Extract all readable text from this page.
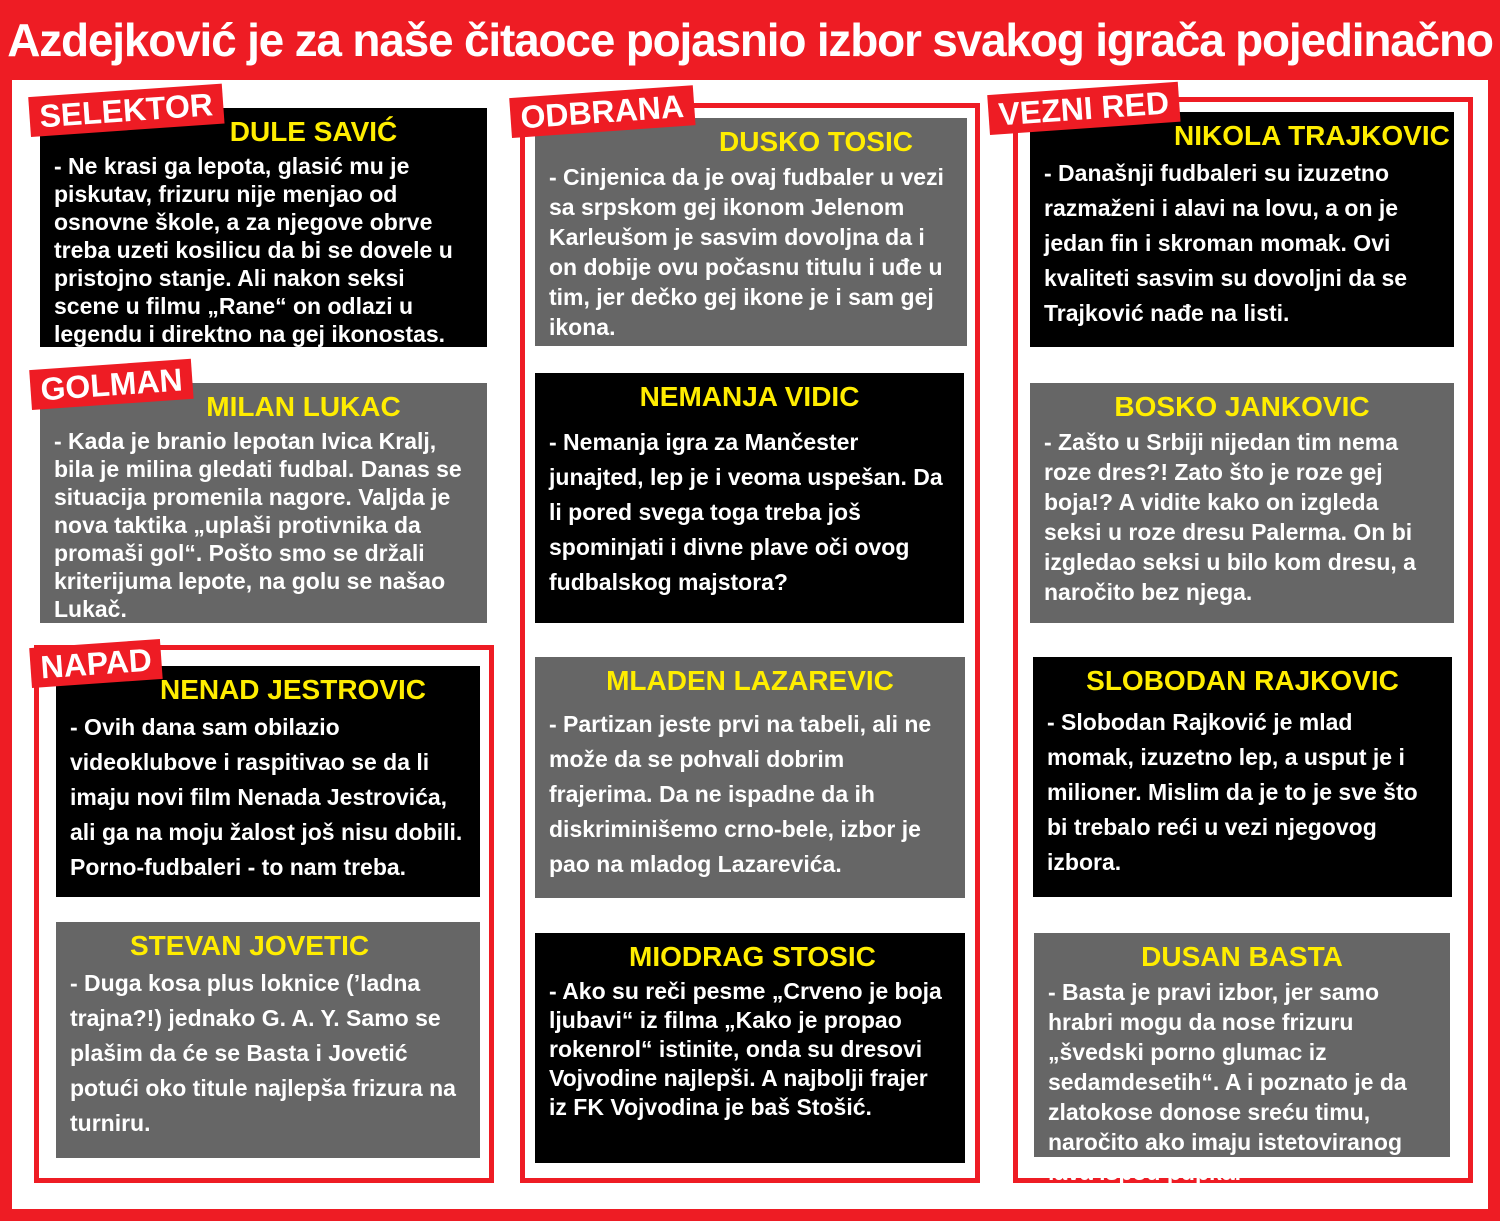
Azdejković je za naše čitaoce pojasnio izbor svakog igrača pojedinačno
DULE SAVIĆ
- Ne krasi ga lepota, glasić mu je piskutav, frizuru nije menjao od osnovne škole, a za njegove obrve treba uzeti kosilicu da bi se dovele u pristojno stanje. Ali nakon seksi scene u filmu „Rane“ on odlazi u legendu i direktno na gej ikonostas.
MILAN LUKAC
- Kada je branio lepotan Ivica Kralj, bila je milina gledati fudbal. Danas se situacija promenila nagore. Valjda je nova taktika „uplaši protivnika da promaši gol“. Pošto smo se držali kriterijuma lepote, na golu se našao Lukač.
NENAD JESTROVIC
- Ovih dana sam obilazio videoklubove i raspitivao se da li imaju novi film Nenada Jestrovića, ali ga na moju žalost još nisu dobili. Porno-fudbaleri - to nam treba.
STEVAN JOVETIC
- Duga kosa plus loknice (’ladna trajna?!) jednako G. A. Y. Samo se plašim da će se Basta i Jovetić potući oko titule najlepša frizura na turniru.
DUSKO TOSIC
- Cinjenica da je ovaj fudbaler u vezi sa srpskom gej ikonom Jelenom Karleušom je sasvim dovoljna da i on dobije ovu počasnu titulu i uđe u tim, jer dečko gej ikone je i sam gej ikona.
NEMANJA VIDIC
- Nemanja igra za Mančester junajted, lep je i veoma uspešan. Da li pored svega toga treba još spominjati i divne plave oči ovog fudbalskog majstora?
MLADEN LAZAREVIC
- Partizan jeste prvi na tabeli, ali ne može da se pohvali dobrim frajerima. Da ne ispadne da ih diskriminišemo crno-bele, izbor je pao na mladog Lazarevića.
MIODRAG STOSIC
- Ako su reči pesme „Crveno je boja ljubavi“ iz filma „Kako je propao rokenrol“ istinite, onda su dresovi Vojvodine najlepši. A najbolji frajer iz FK Vojvodina je baš Stošić.
NIKOLA TRAJKOVIC
- Današnji fudbaleri su izuzetno razmaženi i alavi na lovu, a on je jedan fin i skroman momak. Ovi kvaliteti sasvim su dovoljni da se Trajković nađe na listi.
BOSKO JANKOVIC
- Zašto u Srbiji nijedan tim nema roze dres?! Zato što je roze gej boja!? A vidite kako on izgleda seksi u roze dresu Palerma. On bi izgledao seksi u bilo kom dresu, a naročito bez njega.
SLOBODAN RAJKOVIC
- Slobodan Rajković je mlad momak, izuzetno lep, a usput je i milioner. Mislim da je to je sve što bi trebalo reći u vezi njegovog izbora.
DUSAN BASTA
- Basta je pravi izbor, jer samo hrabri mogu da nose frizuru „švedski porno glumac iz sedamdesetih“. A i poznato je da zlatokose donose sreću timu, naročito ako imaju istetoviranog lava ispod pupka.
SELEKTOR
GOLMAN
NAPAD
ODBRANA	VEZNI RED
